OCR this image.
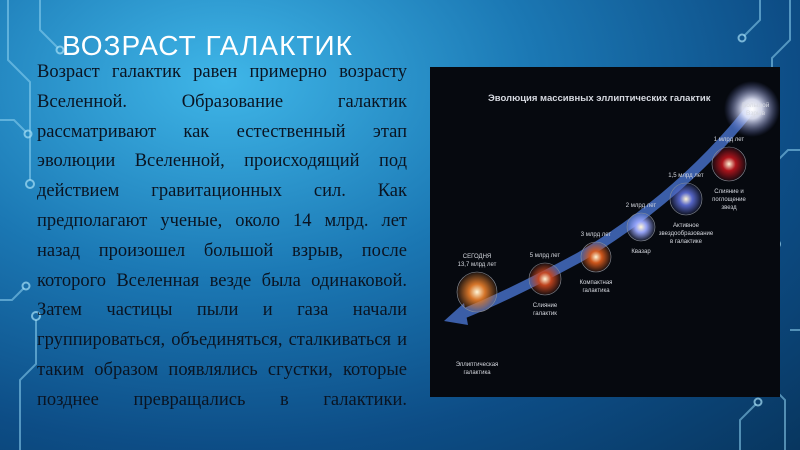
ВОЗРАСТ ГАЛАКТИК

Возраст галактик равен примерно возрасту Вселенной. Образование галактик рассматривают как естественный этап эволюции Вселенной, происходящий под действием гравитационных сил. Как предполагают ученые, около 14 млрд. лет назад произошел большой взрыв, после которого Вселенная везде была одинаковой. Затем частицы пыли и газа начали группироваться, объединяться, сталкиваться и таким образом появлялись сгустки, которые позднее превращались в галактики.

Эволюция массивных эллиптических галактик
Большой
Взрыв
СЕГОДНЯ
13,7 млрд лет
Эллиптическая
галактика
5 млрд лет
Слияние
галактик
3 млрд лет
Компактная
галактика
2 млрд лет
Квазар
1,5 млрд лет
Активное
звездообразование
в галактике
1 млрд лет
Слияние и
поглощение
звезд
